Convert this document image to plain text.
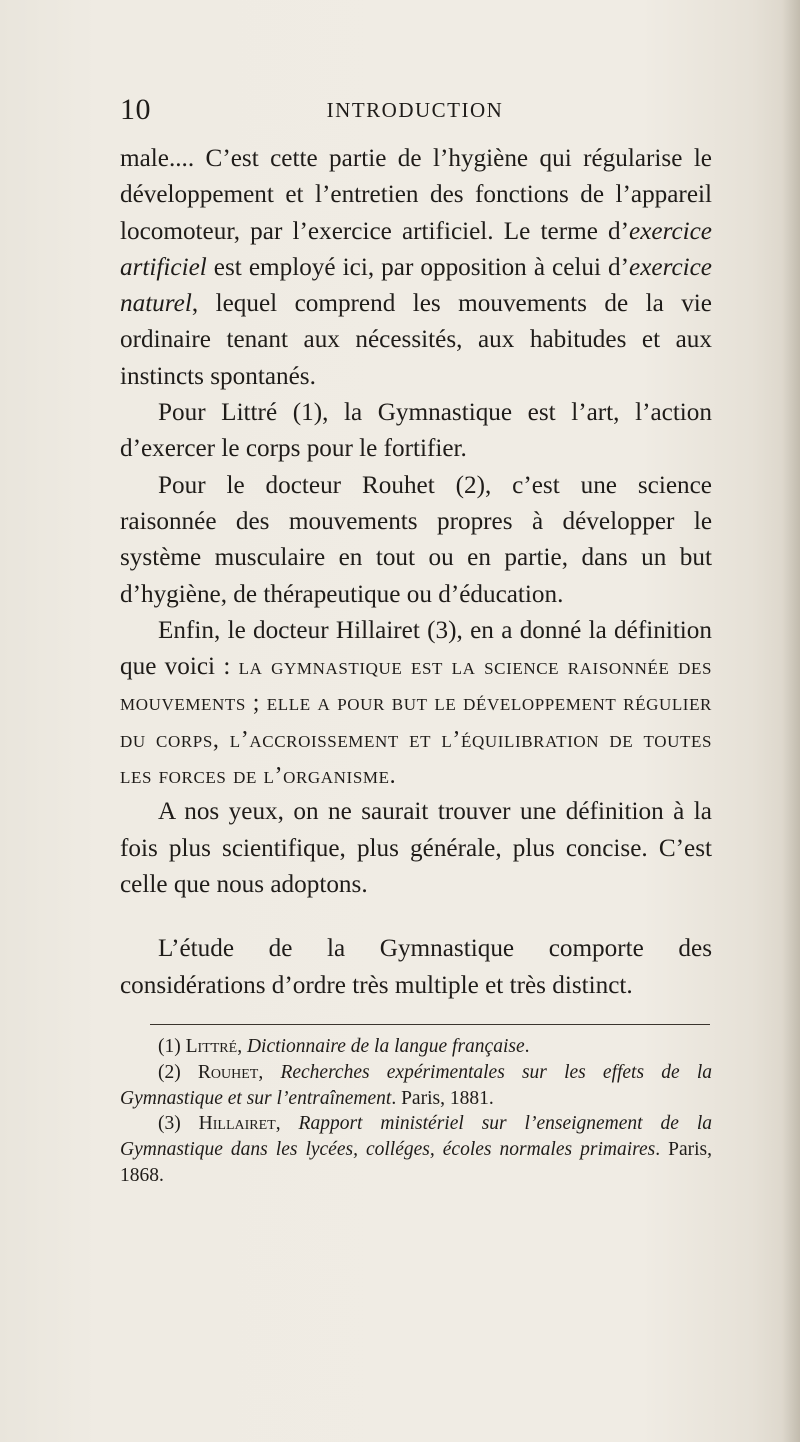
10	INTRODUCTION

male.... C’est cette partie de l’hygiène qui régularise le développement et l’entretien des fonctions de l’appareil locomoteur, par l’exercice artificiel. Le terme d’exercice artificiel est employé ici, par opposition à celui d’exercice naturel, lequel comprend les mouvements de la vie ordinaire tenant aux nécessités, aux habitudes et aux instincts spontanés.

Pour Littré (1), la Gymnastique est l’art, l’action d’exercer le corps pour le fortifier.

Pour le docteur Rouhet (2), c’est une science raisonnée des mouvements propres à développer le système musculaire en tout ou en partie, dans un but d’hygiène, de thérapeutique ou d’éducation.

Enfin, le docteur Hillairet (3), en a donné la définition que voici : la gymnastique est la science raisonnée des mouvements ; elle a pour but le développement régulier du corps, l’accroissement et l’équilibration de toutes les forces de l’organisme.

A nos yeux, on ne saurait trouver une définition à la fois plus scientifique, plus générale, plus concise. C’est celle que nous adoptons.

L’étude de la Gymnastique comporte des considérations d’ordre très multiple et très distinct.

(1) Littré, Dictionnaire de la langue française.

(2) Rouhet, Recherches expérimentales sur les effets de la Gymnastique et sur l’entraînement. Paris, 1881.

(3) Hillairet, Rapport ministériel sur l’enseignement de la Gymnastique dans les lycées, colléges, écoles normales primaires. Paris, 1868.
